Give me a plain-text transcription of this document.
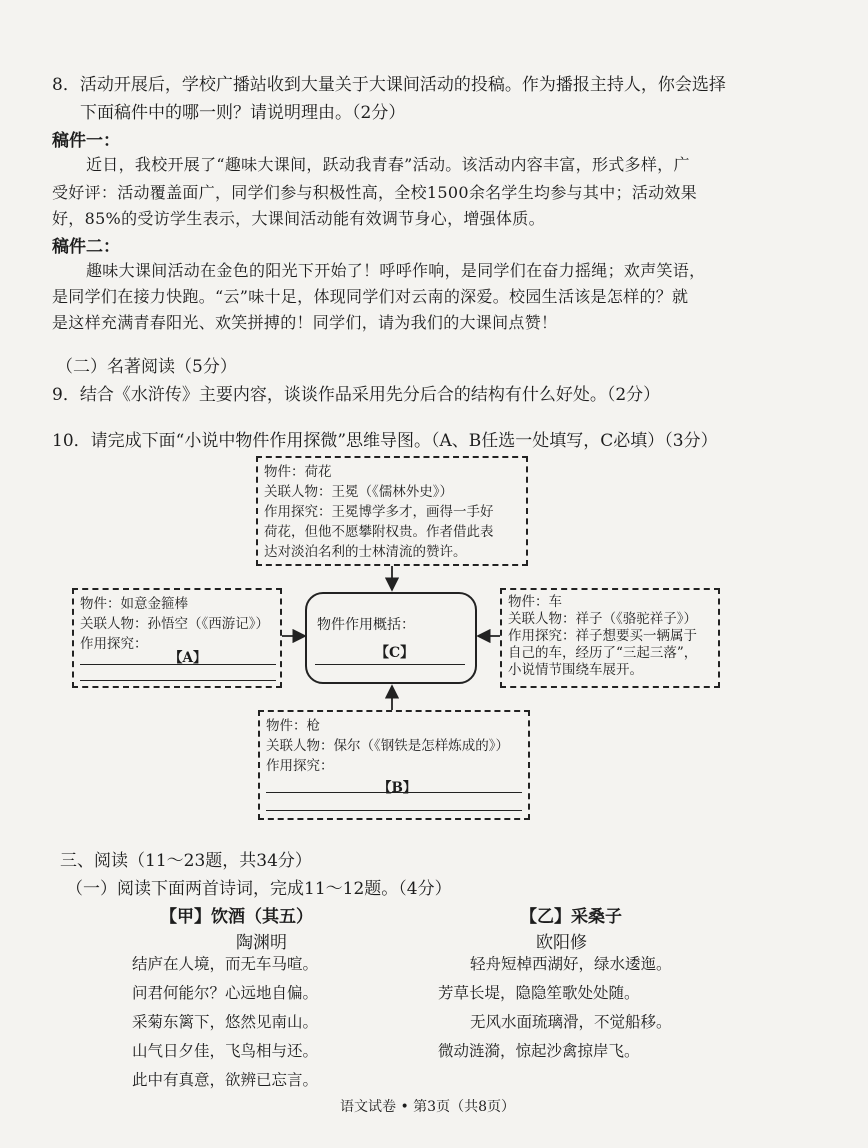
8．活动开展后，学校广播站收到大量关于大课间活动的投稿。作为播报主持人，你会选择
下面稿件中的哪一则？请说明理由。（2分）
稿件一：
近日，我校开展了“趣味大课间，跃动我青春”活动。该活动内容丰富，形式多样，广
受好评：活动覆盖面广，同学们参与积极性高，全校1500余名学生均参与其中；活动效果
好，85%的受访学生表示，大课间活动能有效调节身心，增强体质。
稿件二：
趣味大课间活动在金色的阳光下开始了！呼呼作响，是同学们在奋力摇绳；欢声笑语，
是同学们在接力快跑。“云”味十足，体现同学们对云南的深爱。校园生活该是怎样的？就
是这样充满青春阳光、欢笑拼搏的！同学们，请为我们的大课间点赞！
（二）名著阅读（5分）
9．结合《水浒传》主要内容，谈谈作品采用先分后合的结构有什么好处。（2分）
10．请完成下面“小说中物件作用探微”思维导图。（A、B任选一处填写，C必填）（3分）
物件：荷花
关联人物：王冕（《儒林外史》）
作用探究：王冕博学多才，画得一手好
荷花，但他不愿攀附权贵。作者借此表
达对淡泊名利的士林清流的赞许。
物件：如意金箍棒
关联人物：孙悟空（《西游记》）
作用探究：
【A】
物件作用概括：
【C】
物件：车
关联人物：祥子（《骆驼祥子》）
作用探究：祥子想要买一辆属于
自己的车，经历了“三起三落”，
小说情节围绕车展开。
物件：枪
关联人物：保尔（《钢铁是怎样炼成的》）
作用探究：
【B】
三、阅读（11～23题，共34分）
（一）阅读下面两首诗词，完成11～12题。（4分）
【甲】饮酒（其五）
陶渊明
结庐在人境，而无车马喧。
问君何能尔？心远地自偏。
采菊东篱下，悠然见南山。
山气日夕佳，飞鸟相与还。
此中有真意，欲辨已忘言。
【乙】采桑子
欧阳修
轻舟短棹西湖好，绿水逶迤。
芳草长堤，隐隐笙歌处处随。
无风水面琉璃滑，不觉船移。
微动涟漪，惊起沙禽掠岸飞。
语文试卷 • 第3页（共8页）
